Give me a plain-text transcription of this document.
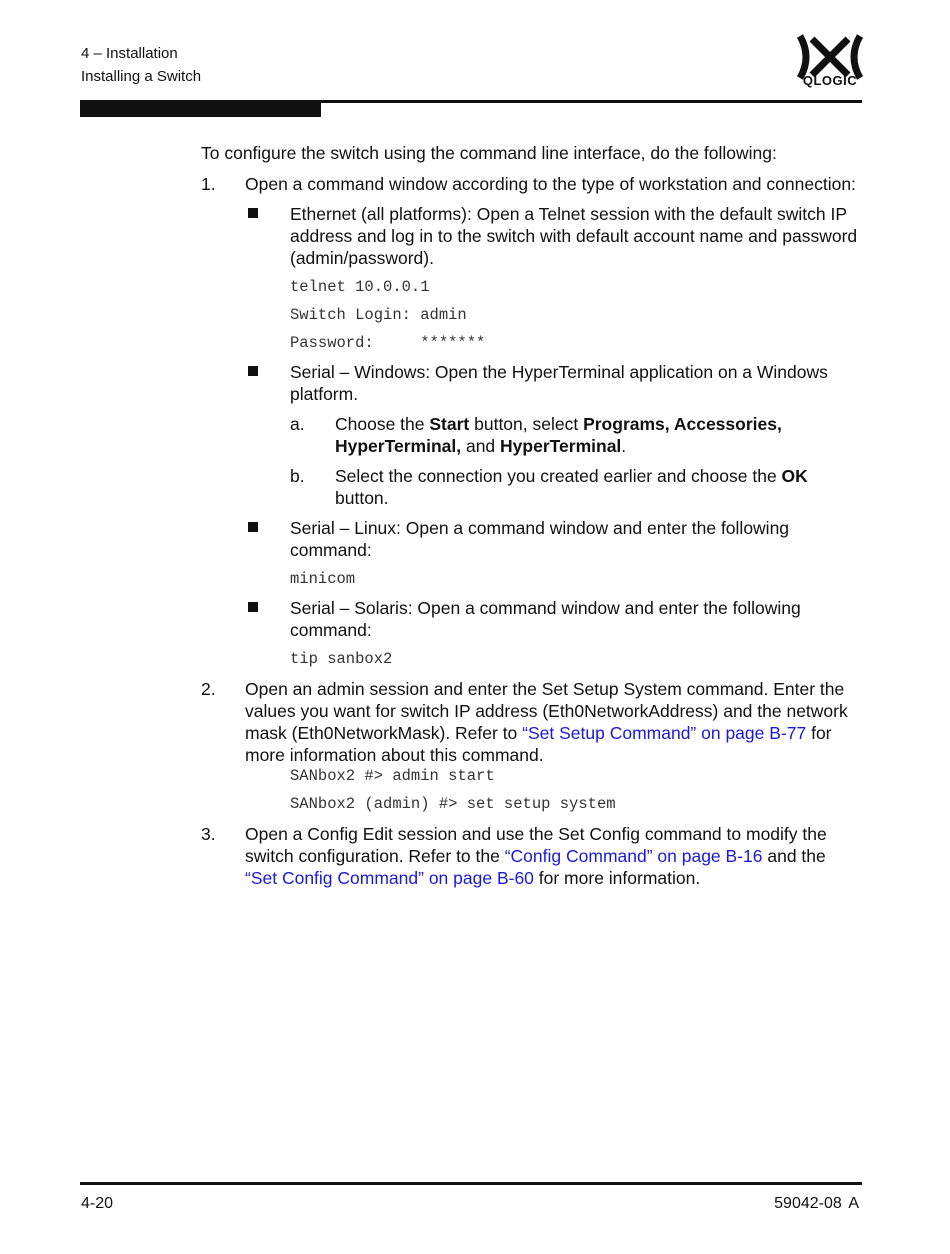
4 – Installation
Installing a Switch	QLOGIC

To configure the switch using the command line interface, do the following:

1.	Open a command window according to the type of workstation and connection:

Ethernet (all platforms): Open a Telnet session with the default switch IP address and log in to the switch with default account name and password (admin/password).

telnet 10.0.0.1
Switch Login: admin
Password:     *******

Serial – Windows: Open the HyperTerminal application on a Windows platform.

a.	Choose the Start button, select Programs, Accessories, HyperTerminal, and HyperTerminal.
b.	Select the connection you created earlier and choose the OK button.

Serial – Linux: Open a command window and enter the following command:

minicom

Serial – Solaris: Open a command window and enter the following command:

tip sanbox2
2.	Open an admin session and enter the Set Setup System command. Enter the values you want for switch IP address (Eth0NetworkAddress) and the network mask (Eth0NetworkMask). Refer to “Set Setup Command” on page B-77 for more information about this command.

SANbox2 #> admin start
SANbox2 (admin) #> set setup system
3.	Open a Config Edit session and use the Set Config command to modify the switch configuration. Refer to the “Config Command” on page B-16 and the “Set Config Command” on page B-60 for more information.

4-20	59042-08 A
